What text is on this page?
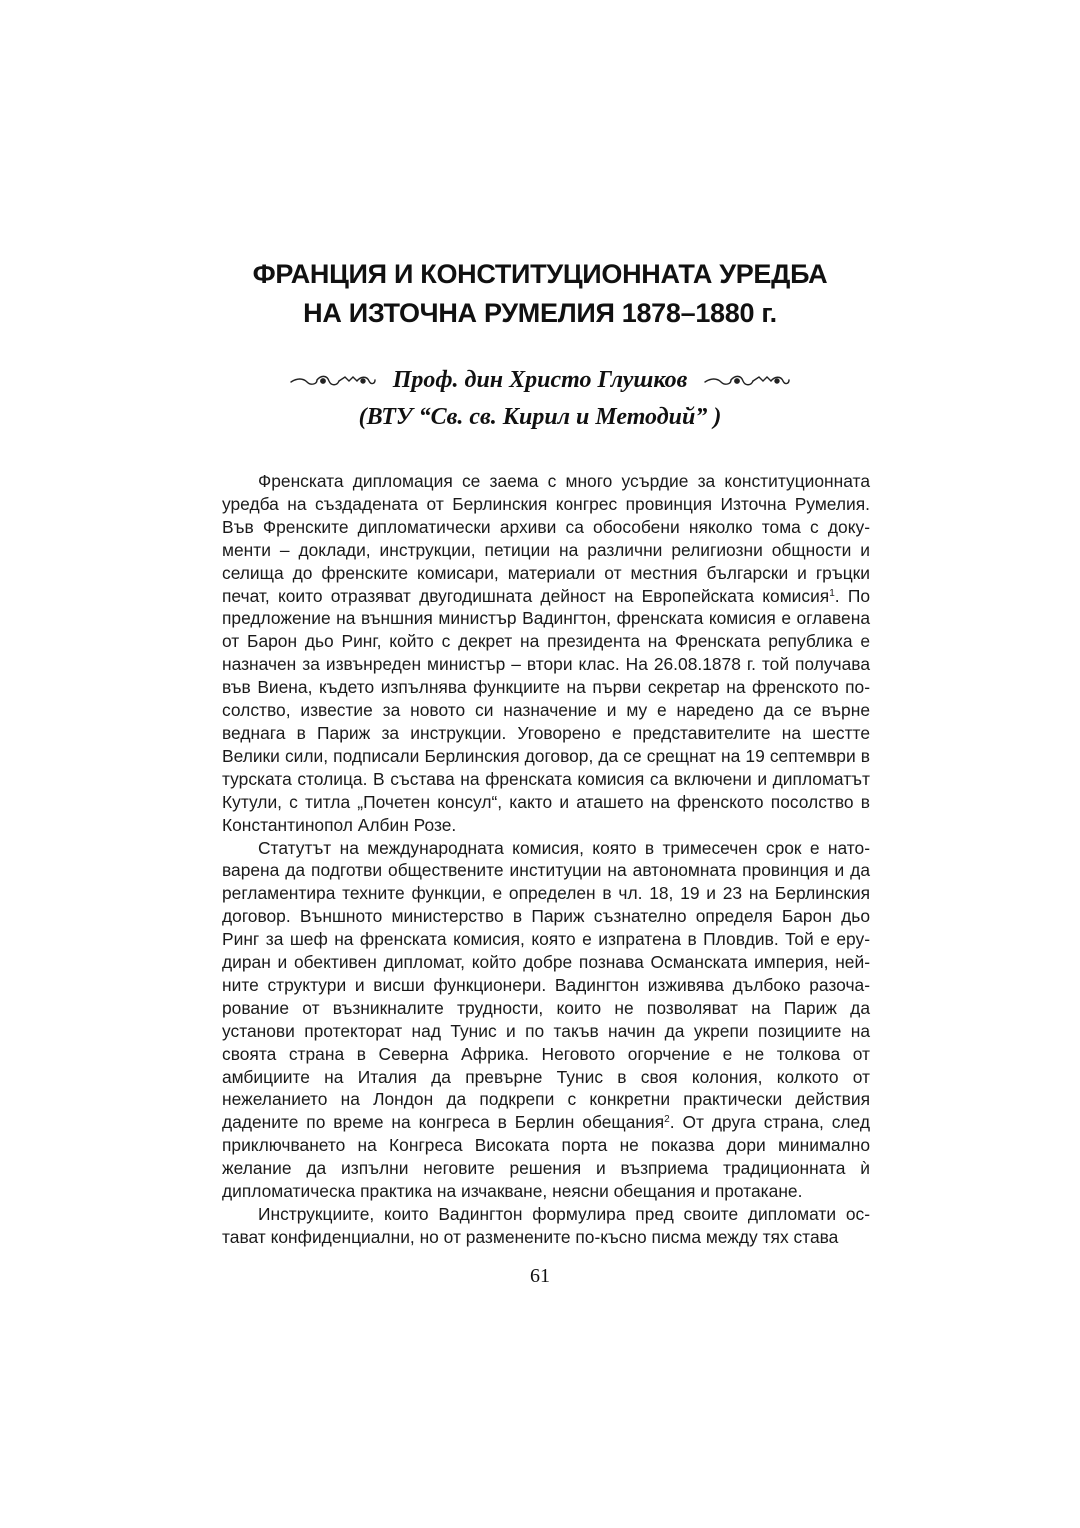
ФРАНЦИЯ И КОНСТИТУЦИОННАТА УРЕДБА
НА ИЗТОЧНА РУМЕЛИЯ 1878–1880 г.
Проф. дин Христо Глушков
(ВТУ “Св. св. Кирил и Методий” )

Френската дипломация се заема с много усърдие за конституционната уредба на създадената от Берлинския конгрес провинция Източна Румелия. Във Френските дипломатически архиви са обособени няколко тома с документи – доклади, инструкции, петиции на различни религиозни общности и селища до френските комисари, материали от местния български и гръцки печат, които отразяват двугодишната дейност на Европейската комисия$^1$. По предложение на външния министър Вадингтон, френската комисия е оглавена от Барон дьо Ринг, който с декрет на президента на Френската република е назначен за извънреден министър – втори клас. На 26.08.1878 г. той получава във Виена, където изпълнява функциите на първи секретар на френското посолство, известие за новото си назначение и му е наредено да се върне веднага в Париж за инструкции. Уговорено е представителите на шестте Велики сили, подписали Берлинския договор, да се срещнат на 19 септември в турската столица. В състава на френската комисия са включени и дипломатът Кутули, с титла „Почетен консул“, както и аташето на френското посолство в Константинопол Албин Розе.

Статутът на международната комисия, която в тримесечен срок е натоварена да подготви обществените институции на автономната провинция и да регламентира техните функции, е определен в чл. 18, 19 и 23 на Берлинския договор. Външното министерство в Париж съзнателно определя Барон дьо Ринг за шеф на френската комисия, която е изпратена в Пловдив. Той е ерудиран и обективен дипломат, който добре познава Османската империя, нейните структури и висши функционери. Вадингтон изживява дълбоко разочарование от възникналите трудности, които не позволяват на Париж да установи протекторат над Тунис и по такъв начин да укрепи позициите на своята страна в Северна Африка. Неговото огорчение е не толкова от амбициите на Италия да превърне Тунис в своя колония, колкото от нежеланието на Лондон да подкрепи с конкретни практически действия дадените по време на конгреса в Берлин обещания$^2$. От друга страна, след приключването на Конгреса Високата порта не показва дори минимално желание да изпълни неговите решения и възприема традиционната ѝ дипломатическа практика на изчакване, неясни обещания и протакане.

Инструкциите, които Вадингтон формулира пред своите дипломати остават конфиденциални, но от разменените по-късно писма между тях става

61
